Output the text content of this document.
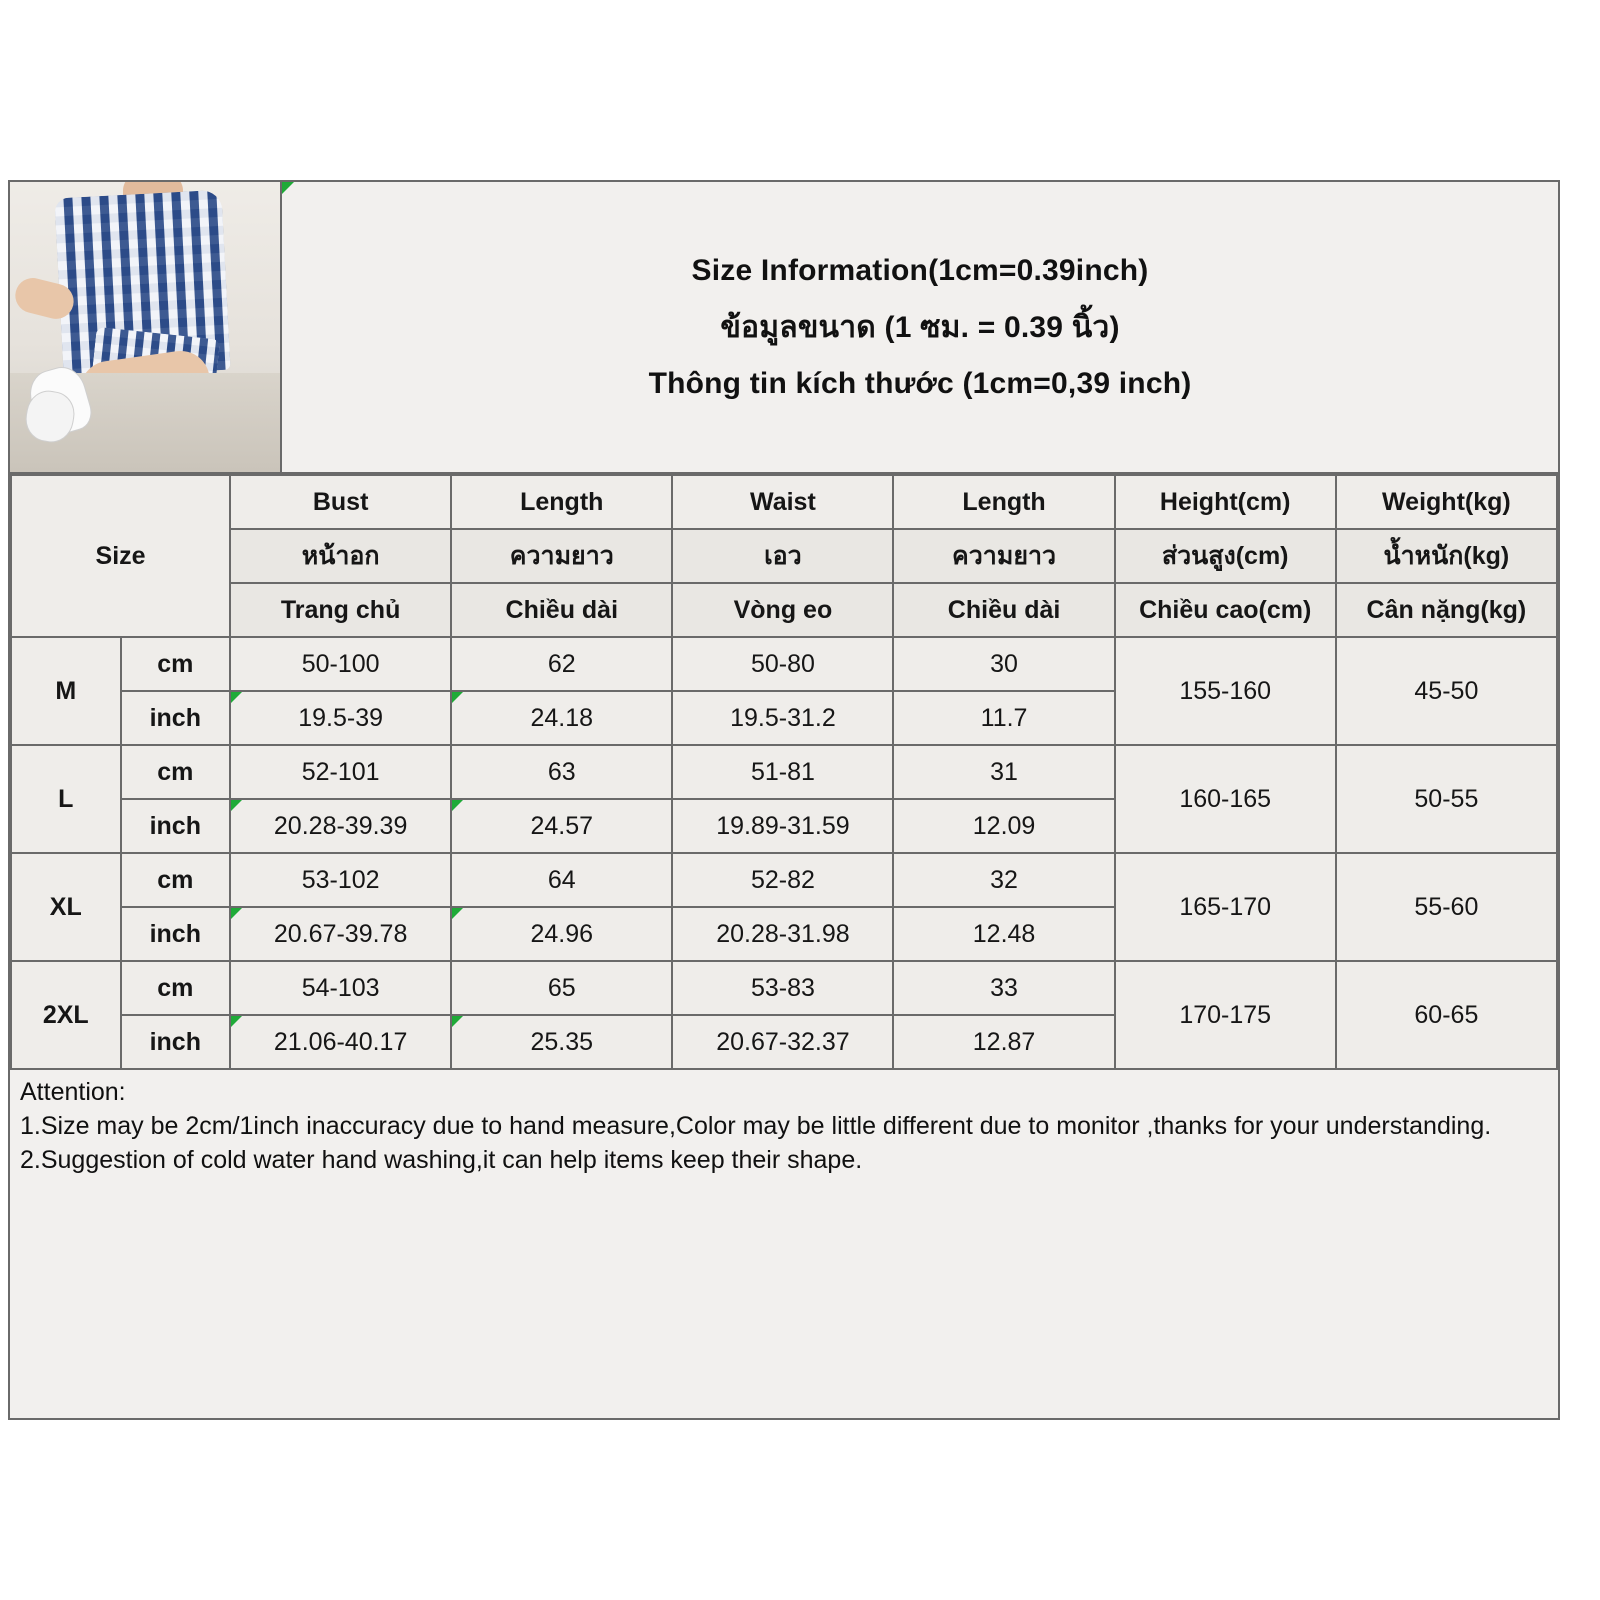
Size Information(1cm=0.39inch)
ข้อมูลขนาด (1 ซม. = 0.39 นิ้ว)
Thông tin kích thước (1cm=0,39 inch)
Size		Bust	Length	Waist	Length	Height(cm)	Weight(kg)
		หน้าอก	ความยาว	เอว	ความยาว	ส่วนสูง(cm)	น้ำหนัก(kg)
		Trang chủ	Chiều dài	Vòng eo	Chiều dài	Chiều cao(cm)	Cân nặng(kg)
M	cm	50-100	62	50-80	30	155-160	45-50
	inch	19.5-39	24.18	19.5-31.2	11.7		
L	cm	52-101	63	51-81	31	160-165	50-55
	inch	20.28-39.39	24.57	19.89-31.59	12.09		
XL	cm	53-102	64	52-82	32	165-170	55-60
	inch	20.67-39.78	24.96	20.28-31.98	12.48		
2XL	cm	54-103	65	53-83	33	170-175	60-65
	inch	21.06-40.17	25.35	20.67-32.37	12.87		

Attention:

1.Size may be 2cm/1inch inaccuracy due to hand measure,Color may be little different due to monitor ,thanks for your understanding.

2.Suggestion of cold water hand washing,it can help items keep their shape.
